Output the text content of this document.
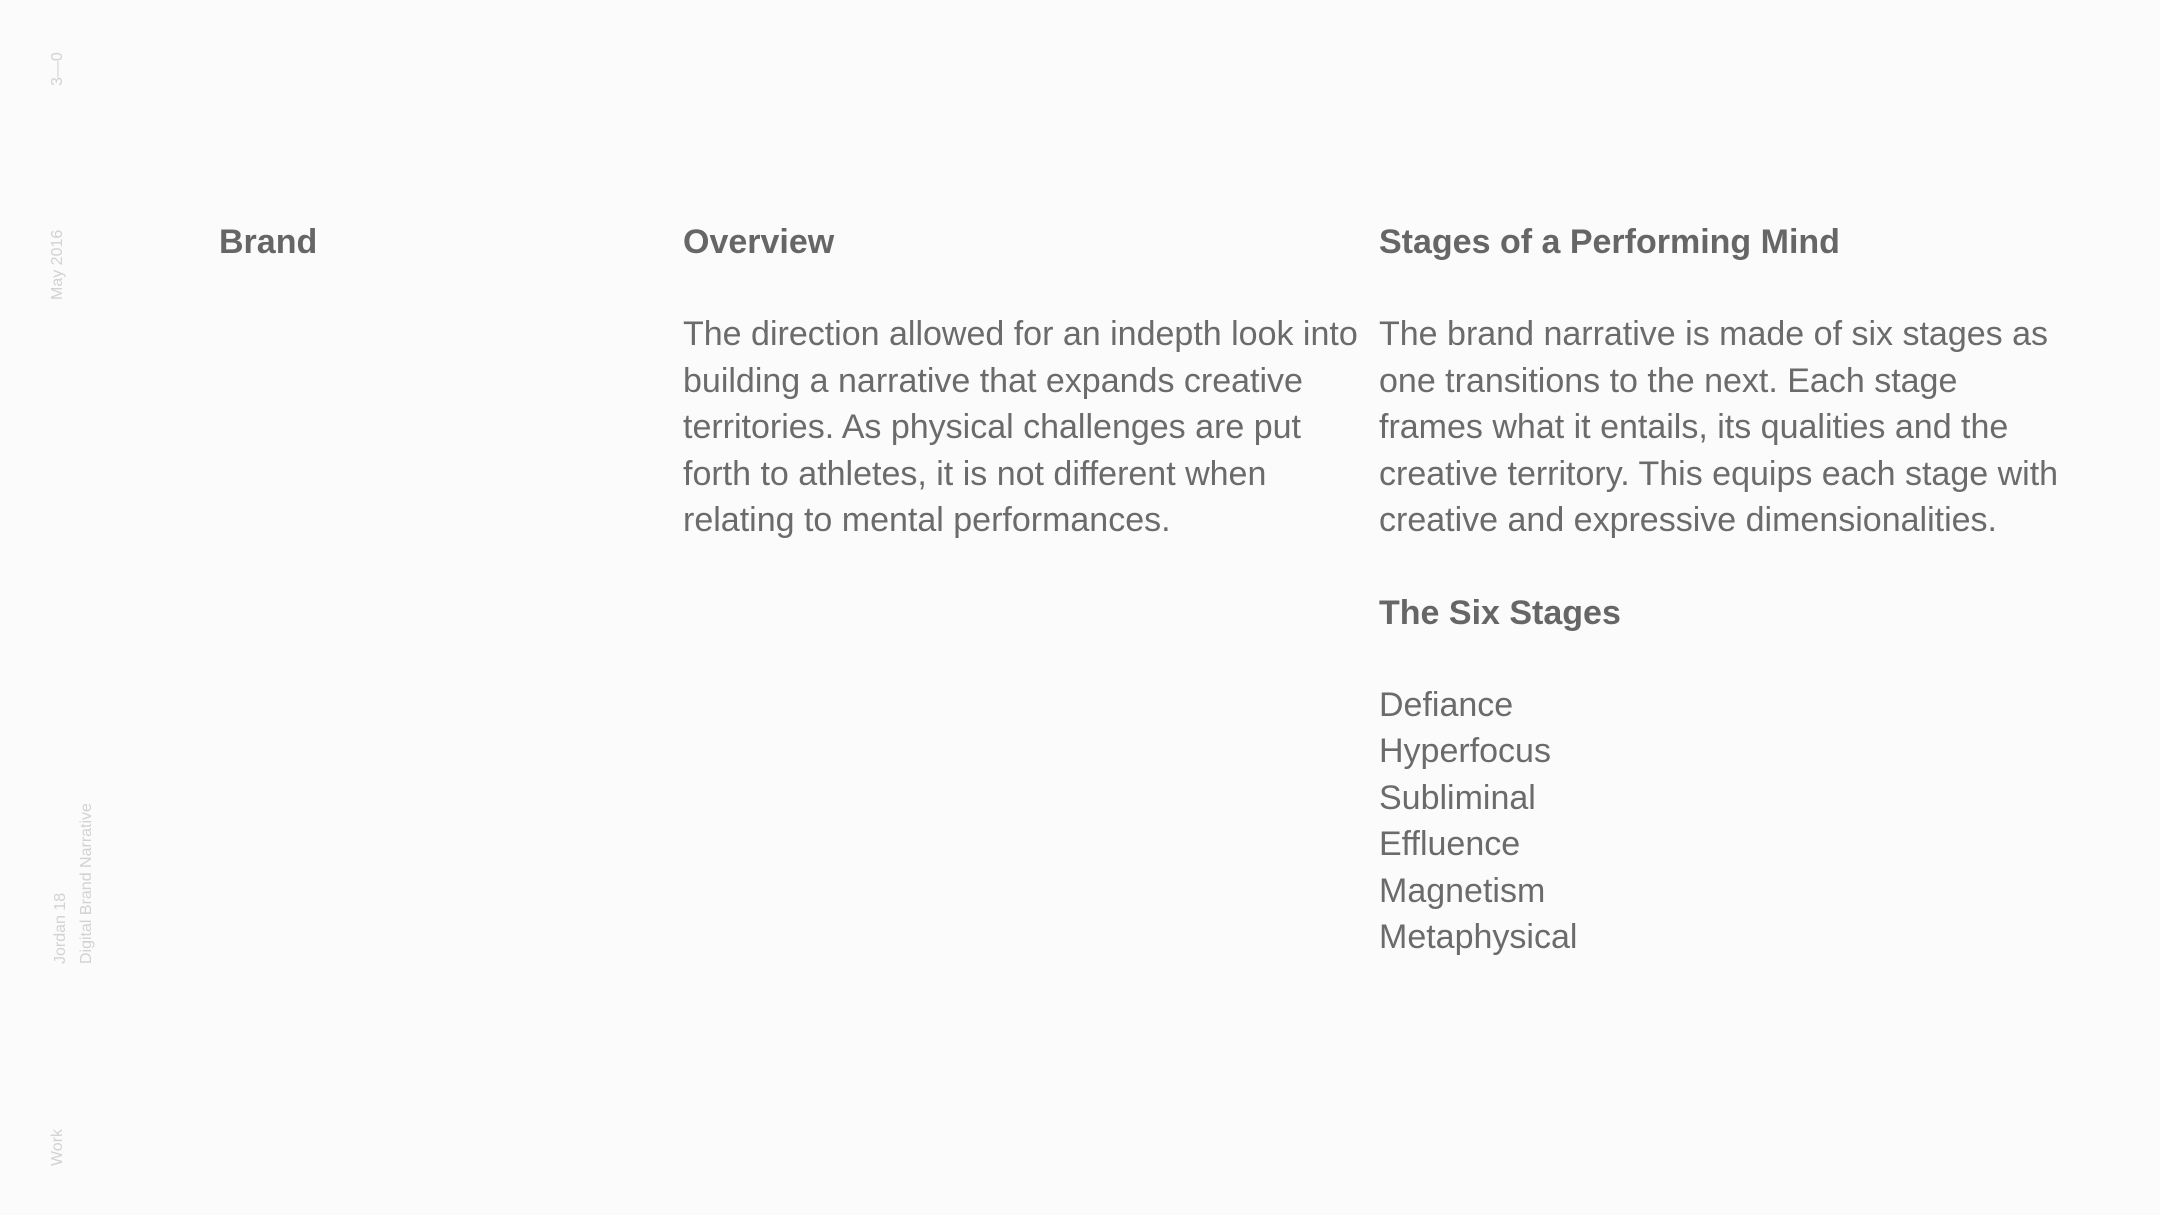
3—0
May 2016
Jordan 18 Digital Brand Narrative
Work
Brand	Overview

The direction allowed for an indepth look into building a narrative that expands creative territories. As physical challenges are put forth to athletes, it is not different when relating to mental performances.

Stages of a Performing Mind

The brand narrative is made of six stages as one transitions to the next. Each stage frames what it entails, its qualities and the creative territory. This equips each stage with creative and expressive dimensionalities.

The Six Stages
Defiance
Hyperfocus
Subliminal
Effluence
Magnetism
Metaphysical
